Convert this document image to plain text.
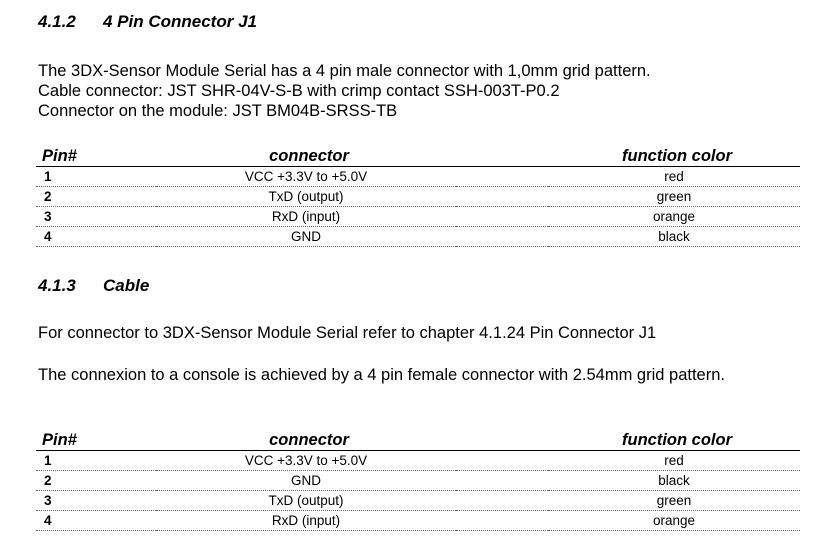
4.1.2 4 Pin Connector J1

The 3DX-Sensor Module Serial has a 4 pin male connector with 1,0mm grid pattern.

Cable connector: JST SHR-04V-S-B with crimp contact SSH-003T-P0.2

Connector on the module: JST BM04B-SRSS-TB

Pin#	connector		function color
1	VCC +3.3V to +5.0V		red
2	TxD (output)		green
3	RxD (input)		orange
4	GND		black
4.1.3 Cable

For connector to 3DX-Sensor Module Serial refer to chapter 4.1.24 Pin Connector J1

The connexion to a console is achieved by a 4 pin female connector with 2.54mm grid pattern.

Pin#	connector		function color
1	VCC +3.3V to +5.0V		red
2	GND		black
3	TxD (output)		green
4	RxD (input)		orange
